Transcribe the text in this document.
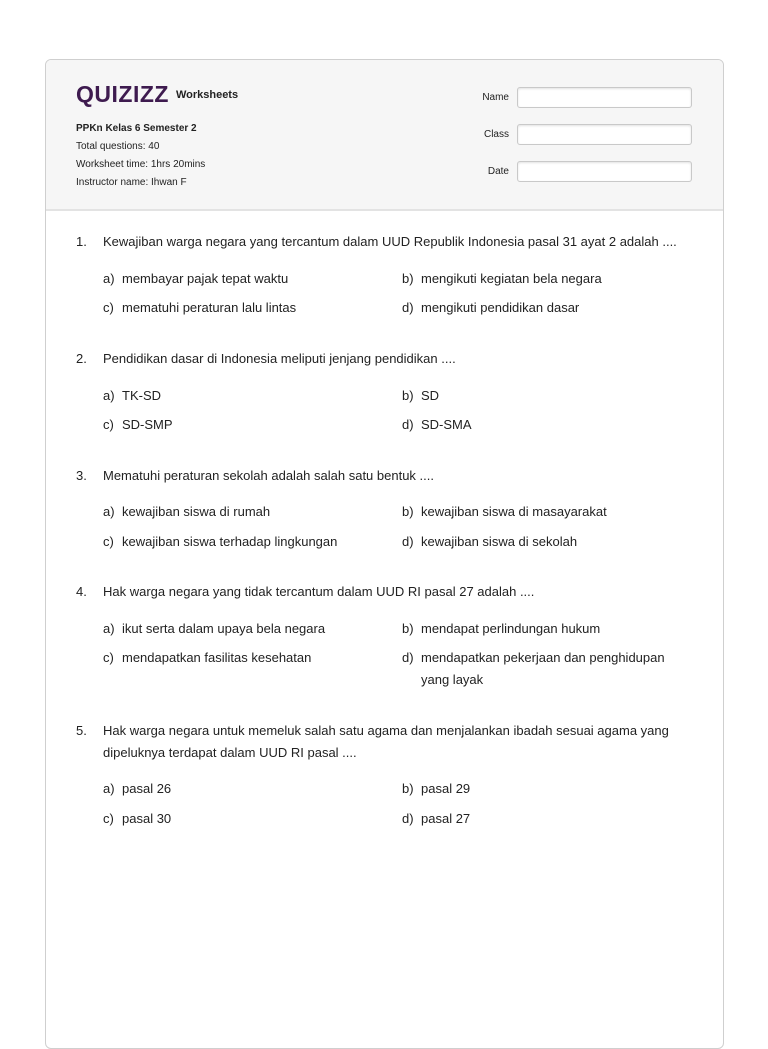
QUIZIZZ Worksheets
PPKn Kelas 6 Semester 2
Total questions: 40
Worksheet time: 1hrs 20mins
Instructor name: Ihwan F
Name
Class
Date
1.	Kewajiban warga negara yang tercantum dalam UUD Republik Indonesia pasal 31 ayat 2 adalah ....
a) membayar pajak tepat waktu	b) mengikuti kegiatan bela negara
c) mematuhi peraturan lalu lintas	d) mengikuti pendidikan dasar
2.	Pendidikan dasar di Indonesia meliputi jenjang pendidikan ....
a) TK-SD	b) SD
c) SD-SMP	d) SD-SMA
3.	Mematuhi peraturan sekolah adalah salah satu bentuk ....
a) kewajiban siswa di rumah	b) kewajiban siswa di masayarakat
c) kewajiban siswa terhadap lingkungan	d) kewajiban siswa di sekolah
4.	Hak warga negara yang tidak tercantum dalam UUD RI pasal 27 adalah ....
a) ikut serta dalam upaya bela negara	b) mendapat perlindungan hukum
c) mendapatkan fasilitas kesehatan	d) mendapatkan pekerjaan dan penghidupan yang layak
5.	Hak warga negara untuk memeluk salah satu agama dan menjalankan ibadah sesuai agama yang dipeluknya terdapat dalam UUD RI pasal ....
a) pasal 26	b) pasal 29
c) pasal 30	d) pasal 27
